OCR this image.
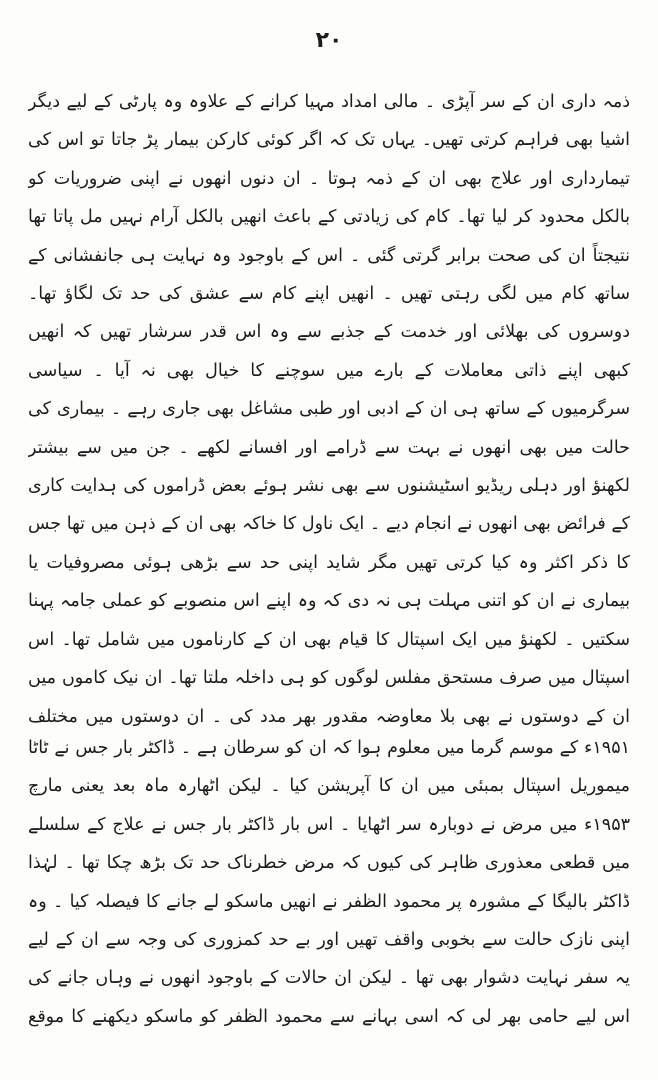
۲۰

ذمہ داری ان کے سر آپڑی ۔ مالی امداد مہیا کرانے کے علاوہ وہ پارٹی کے لیے دیگر اشیا بھی فراہم کرتی تھیں۔ یہاں تک کہ اگر کوئی کارکن بیمار پڑ جاتا تو اس کی تیمارداری اور علاج بھی ان کے ذمہ ہوتا ۔ ان دنوں انھوں نے اپنی ضروریات کو بالکل محدود کر لیا تھا۔ کام کی زیادتی کے باعث انھیں بالکل آرام نہیں مل پاتا تھا نتیجتاً ان کی صحت برابر گرتی گئی ۔ اس کے باوجود وہ نہایت ہی جانفشانی کے ساتھ کام میں لگی رہتی تھیں ۔ انھیں اپنے کام سے عشق کی حد تک لگاؤ تھا۔ دوسروں کی بھلائی اور خدمت کے جذبے سے وہ اس قدر سرشار تھیں کہ انھیں کبھی اپنے ذاتی معاملات کے بارے میں سوچنے کا خیال بھی نہ آیا ۔ سیاسی سرگرمیوں کے ساتھ ہی ان کے ادبی اور طبی مشاغل بھی جاری رہے ۔ بیماری کی حالت میں بھی انھوں نے بہت سے ڈرامے اور افسانے لکھے ۔ جن میں سے بیشتر لکھنؤ اور دہلی ریڈیو اسٹیشنوں سے بھی نشر ہوئے بعض ڈراموں کی ہدایت کاری کے فرائض بھی انھوں نے انجام دیے ۔ ایک ناول کا خاکہ بھی ان کے ذہن میں تھا جس کا ذکر اکثر وہ کیا کرتی تھیں مگر شاید اپنی حد سے بڑھی ہوئی مصروفیات یا بیماری نے ان کو اتنی مہلت ہی نہ دی کہ وہ اپنے اس منصوبے کو عملی جامہ پہنا سکتیں ۔ لکھنؤ میں ایک اسپتال کا قیام بھی ان کے کارناموں میں شامل تھا۔ اس اسپتال میں صرف مستحق مفلس لوگوں کو ہی داخلہ ملتا تھا۔ ان نیک کاموں میں ان کے دوستوں نے بھی بلا معاوضہ مقدور بھر مدد کی ۔ ان دوستوں میں مختلف

۱۹۵۱ء کے موسم گرما میں معلوم ہوا کہ ان کو سرطان ہے ۔ ڈاکٹر بار جس نے ٹاٹا میموریل اسپتال بمبئی میں ان کا آپریشن کیا ۔ لیکن اٹھارہ ماہ بعد یعنی مارچ ۱۹۵۳ء میں مرض نے دوبارہ سر اٹھایا ۔ اس بار ڈاکٹر بار جس نے علاج کے سلسلے میں قطعی معذوری ظاہر کی کیوں کہ مرض خطرناک حد تک بڑھ چکا تھا ۔ لہٰذا ڈاکٹر بالیگا کے مشورہ پر محمود الظفر نے انھیں ماسکو لے جانے کا فیصلہ کیا ۔ وہ اپنی نازک حالت سے بخوبی واقف تھیں اور بے حد کمزوری کی وجہ سے ان کے لیے یہ سفر نہایت دشوار بھی تھا ۔ لیکن ان حالات کے باوجود انھوں نے وہاں جانے کی اس لیے حامی بھر لی کہ اسی بہانے سے محمود الظفر کو ماسکو دیکھنے کا موقع
